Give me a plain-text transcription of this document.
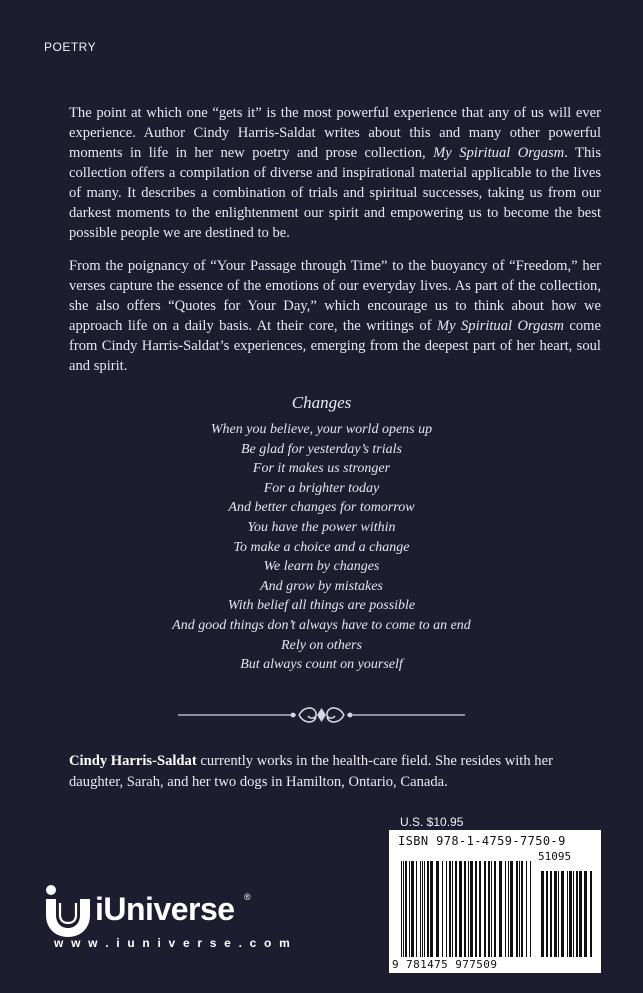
POETRY

The point at which one “gets it” is the most powerful experience that any of us will ever experience. Author Cindy Harris-Saldat writes about this and many other powerful moments in life in her new poetry and prose collection, My Spiritual Orgasm. This collection offers a compilation of diverse and inspirational material applicable to the lives of many. It describes a combination of trials and spiritual successes, taking us from our darkest moments to the enlightenment our spirit and empowering us to become the best possible people we are destined to be.

From the poignancy of “Your Passage through Time” to the buoyancy of “Freedom,” her verses capture the essence of the emotions of our everyday lives. As part of the collection, she also offers “Quotes for Your Day,” which encourage us to think about how we approach life on a daily basis. At their core, the writings of My Spiritual Orgasm come from Cindy Harris-Saldat’s experiences, emerging from the deepest part of her heart, soul and spirit.

Changes
When you believe, your world opens up
Be glad for yesterday’s trials
For it makes us stronger
For a brighter today
And better changes for tomorrow
You have the power within
To make a choice and a change
We learn by changes
And grow by mistakes
With belief all things are possible
And good things don’t always have to come to an end
Rely on others
But always count on yourself

Cindy Harris-Saldat currently works in the health-care field. She resides with her daughter, Sarah, and her two dogs in Hamilton, Ontario, Canada.

U.S. $10.95
ISBN 978-1-4759-7750-9
51095
9 781475 977509
iUniverse ®
w w w . i u n i v e r s e . c o m
